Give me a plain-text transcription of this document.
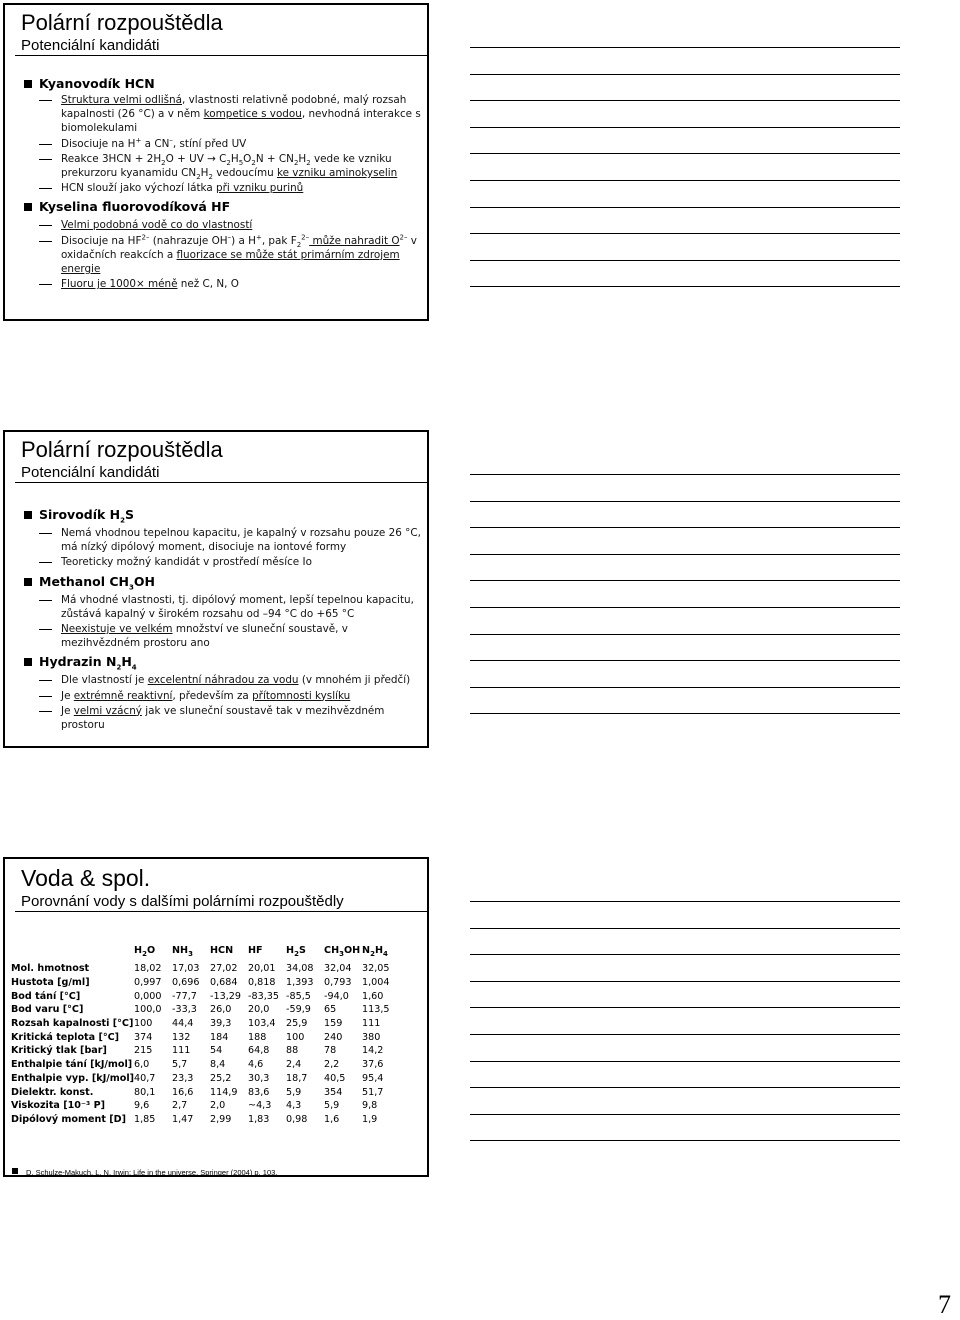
Polární rozpouštědla
Potenciální kandidáti
Kyanovodík HCN
Struktura velmi odlišná, vlastnosti relativně podobné, malý rozsah kapalnosti (26 °C) a v něm kompetice s vodou, nevhodná interakce s biomolekulami
Disociuje na H+ a CN–, stíní před UV
Reakce $3HCN + 2H_2O$ + UV → $C_2H_5O_2N + CN_2H_2$ vede ke vzniku prekurzoru kyanamidu $CN_2H_2$ vedoucímu ke vzniku aminokyselin
HCN slouží jako výchozí látka při vzniku purinů
Kyselina fluorovodíková HF
Velmi podobná vodě co do vlastností
Disociuje na $HF^{2-}$ (nahrazuje OH–) a H+, pak $F_2^{2-}$ může nahradit $O^{2-}$ v oxidačních reakcích a fluorizace se může stát primárním zdrojem energie
Fluoru je 1000× méně než C, N, O
Polární rozpouštědla
Potenciální kandidáti
Sirovodík $H_2S$
Nemá vhodnou tepelnou kapacitu, je kapalný v rozsahu pouze 26 °C, má nízký dipólový moment, disociuje na iontové formy
Teoreticky možný kandidát v prostředí měsíce Io
Methanol $CH_3OH$
Má vhodné vlastnosti, tj. dipólový moment, lepší tepelnou kapacitu, zůstává kapalný v širokém rozsahu od –94 °C do +65 °C
Neexistuje ve velkém množství ve sluneční soustavě, v mezihvězdném prostoru ano
Hydrazin $N_2H_4$
Dle vlastností je excelentní náhradou za vodu (v mnohém ji předčí)
Je extrémně reaktivní, především za přítomnosti kyslíku
Je velmi vzácný jak ve sluneční soustavě tak v mezihvězdném prostoru
Voda & spol.
Porovnání vody s dalšími polárními rozpouštědly
	$H_2O$	$NH_3$	HCN	HF	$H_2S$	$CH_3OH$	$N_2H_4$
Mol. hmotnost	18,02	17,03	27,02	20,01	34,08	32,04	32,05
Hustota [g/ml]	0,997	0,696	0,684	0,818	1,393	0,793	1,004
Bod tání [°C]	0,000	-77,7	-13,29	-83,35	-85,5	-94,0	1,60
Bod varu [°C]	100,0	-33,3	26,0	20,0	-59,9	65	113,5
Rozsah kapalnosti [°C]	100	44,4	39,3	103,4	25,9	159	111
Kritická teplota [°C]	374	132	184	188	100	240	380
Kritický tlak [bar]	215	111	54	64,8	88	78	14,2
Enthalpie tání [kJ/mol]	6,0	5,7	8,4	4,6	2,4	2,2	37,6
Enthalpie vyp. [kJ/mol]	40,7	23,3	25,2	30,3	18,7	40,5	95,4
Dielektr. konst.	80,1	16,6	114,9	83,6	5,9	354	51,7
Viskozita [10⁻³ P]	9,6	2,7	2,0	~4,3	4,3	5,9	9,8
Dipólový moment [D]	1,85	1,47	2,99	1,83	0,98	1,6	1,9
D. Schulze-Makuch, L. N. Irwin: Life in the universe. Springer (2004) p. 103.
7
